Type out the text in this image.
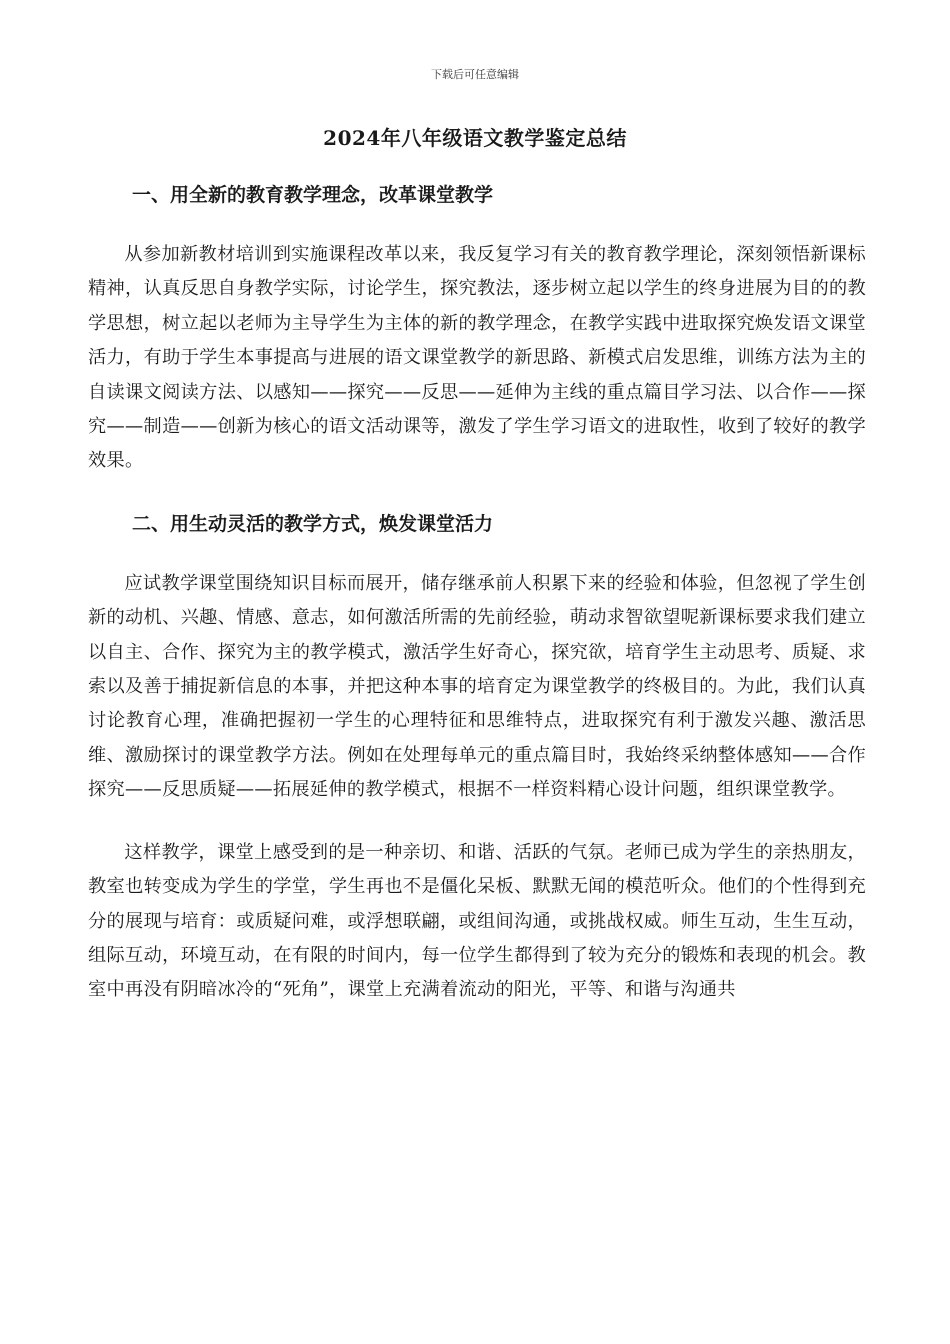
下载后可任意编辑
2024年八年级语文教学鉴定总结
一、用全新的教育教学理念，改革课堂教学

从参加新教材培训到实施课程改革以来，我反复学习有关的教育教学理论，深刻领悟新课标精神，认真反思自身教学实际，讨论学生，探究教法，逐步树立起以学生的终身进展为目的的教学思想，树立起以老师为主导学生为主体的新的教学理念，在教学实践中进取探究焕发语文课堂活力，有助于学生本事提高与进展的语文课堂教学的新思路、新模式启发思维，训练方法为主的自读课文阅读方法、以感知——探究——反思——延伸为主线的重点篇目学习法、以合作——探究——制造——创新为核心的语文活动课等，激发了学生学习语文的进取性，收到了较好的教学效果。

二、用生动灵活的教学方式，焕发课堂活力

应试教学课堂围绕知识目标而展开，储存继承前人积累下来的经验和体验，但忽视了学生创新的动机、兴趣、情感、意志，如何激活所需的先前经验，萌动求智欲望呢新课标要求我们建立以自主、合作、探究为主的教学模式，激活学生好奇心，探究欲，培育学生主动思考、质疑、求索以及善于捕捉新信息的本事，并把这种本事的培育定为课堂教学的终极目的。为此，我们认真讨论教育心理，准确把握初一学生的心理特征和思维特点，进取探究有利于激发兴趣、激活思维、激励探讨的课堂教学方法。例如在处理每单元的重点篇目时，我始终采纳整体感知——合作探究——反思质疑——拓展延伸的教学模式，根据不一样资料精心设计问题，组织课堂教学。

这样教学，课堂上感受到的是一种亲切、和谐、活跃的气氛。老师已成为学生的亲热朋友，教室也转变成为学生的学堂，学生再也不是僵化呆板、默默无闻的模范听众。他们的个性得到充分的展现与培育：或质疑问难，或浮想联翩，或组间沟通，或挑战权威。师生互动，生生互动，组际互动，环境互动，在有限的时间内，每一位学生都得到了较为充分的锻炼和表现的机会。教室中再没有阴暗冰冷的“死角”，课堂上充满着流动的阳光，平等、和谐与沟通共
